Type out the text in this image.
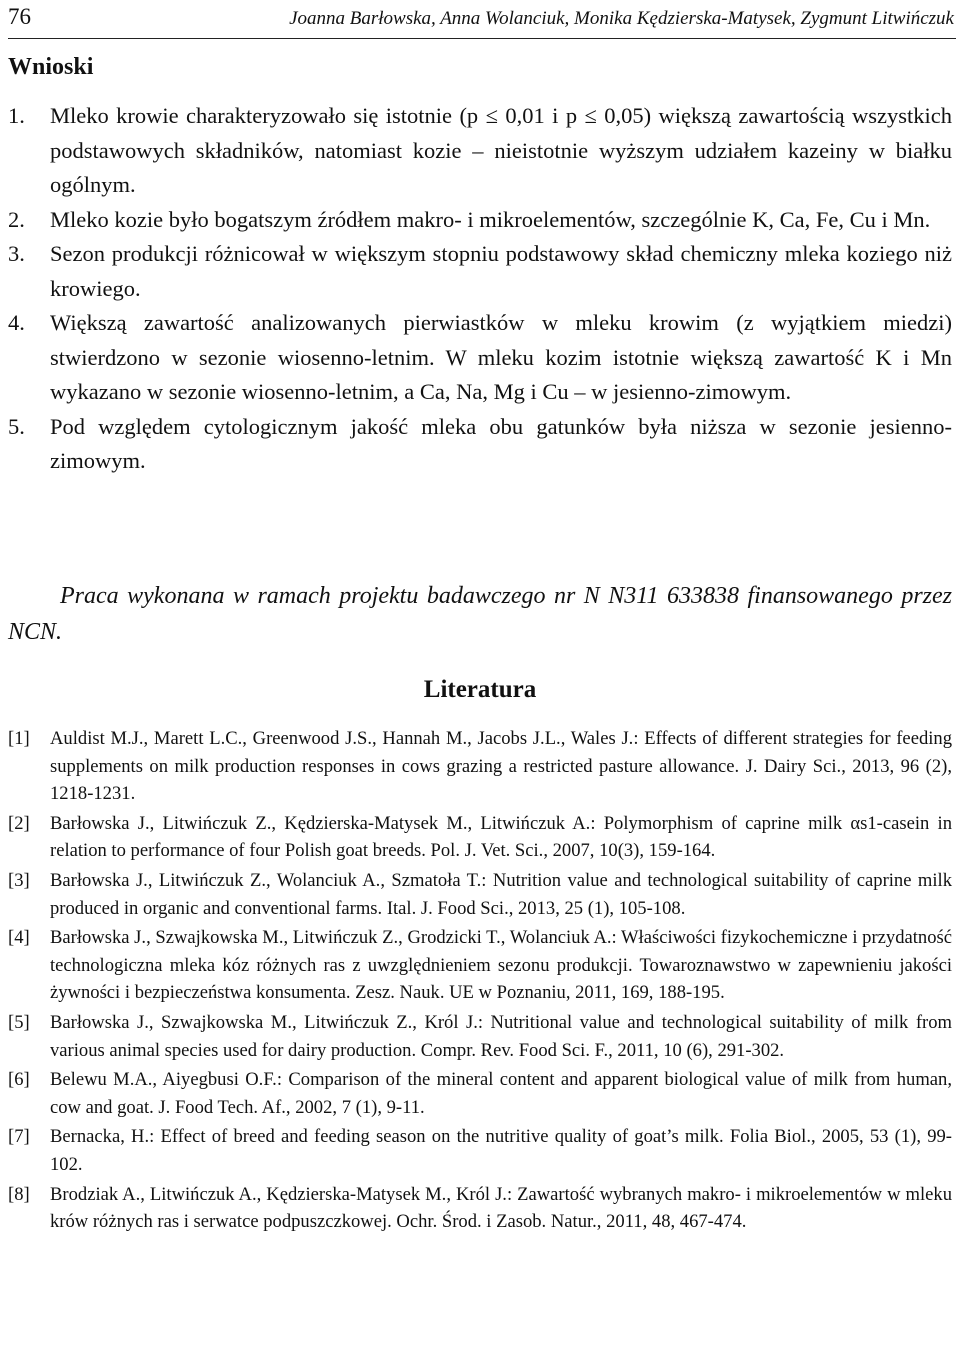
76	Joanna Barłowska, Anna Wolanciuk, Monika Kędzierska-Matysek, Zygmunt Litwińczuk
Wnioski

1. Mleko krowie charakteryzowało się istotnie (p ≤ 0,01 i p ≤ 0,05) większą zawartością wszystkich podstawowych składników, natomiast kozie – nieistotnie wyższym udziałem kazeiny w białku ogólnym.

2. Mleko kozie było bogatszym źródłem makro- i mikroelementów, szczególnie K, Ca, Fe, Cu i Mn.

3. Sezon produkcji różnicował w większym stopniu podstawowy skład chemiczny mleka koziego niż krowiego.

4. Większą zawartość analizowanych pierwiastków w mleku krowim (z wyjątkiem miedzi) stwierdzono w sezonie wiosenno-letnim. W mleku kozim istotnie większą zawartość K i Mn wykazano w sezonie wiosenno-letnim, a Ca, Na, Mg i Cu – w jesienno-zimowym.

5. Pod względem cytologicznym jakość mleka obu gatunków była niższa w sezonie jesienno-zimowym.

Praca wykonana w ramach projektu badawczego nr N N311 633838 finansowanego przez NCN.
Literatura

[1] Auldist M.J., Marett L.C., Greenwood J.S., Hannah M., Jacobs J.L., Wales J.: Effects of different strategies for feeding supplements on milk production responses in cows grazing a restricted pasture allowance. J. Dairy Sci., 2013, 96 (2), 1218-1231.

[2] Barłowska J., Litwińczuk Z., Kędzierska-Matysek M., Litwińczuk A.: Polymorphism of caprine milk αs1-casein in relation to performance of four Polish goat breeds. Pol. J. Vet. Sci., 2007, 10(3), 159-164.

[3] Barłowska J., Litwińczuk Z., Wolanciuk A., Szmatoła T.: Nutrition value and technological suitability of caprine milk produced in organic and conventional farms. Ital. J. Food Sci., 2013, 25 (1), 105-108.

[4] Barłowska J., Szwajkowska M., Litwińczuk Z., Grodzicki T., Wolanciuk A.: Właściwości fizykochemiczne i przydatność technologiczna mleka kóz różnych ras z uwzględnieniem sezonu produkcji. Towaroznawstwo w zapewnieniu jakości żywności i bezpieczeństwa konsumenta. Zesz. Nauk. UE w Poznaniu, 2011, 169, 188-195.

[5] Barłowska J., Szwajkowska M., Litwińczuk Z., Król J.: Nutritional value and technological suitability of milk from various animal species used for dairy production. Compr. Rev. Food Sci. F., 2011, 10 (6), 291-302.

[6] Belewu M.A., Aiyegbusi O.F.: Comparison of the mineral content and apparent biological value of milk from human, cow and goat. J. Food Tech. Af., 2002, 7 (1), 9-11.

[7] Bernacka, H.: Effect of breed and feeding season on the nutritive quality of goat’s milk. Folia Biol., 2005, 53 (1), 99-102.

[8] Brodziak A., Litwińczuk A., Kędzierska-Matysek M., Król J.: Zawartość wybranych makro- i mikroelementów w mleku krów różnych ras i serwatce podpuszczkowej. Ochr. Środ. i Zasob. Natur., 2011, 48, 467-474.
